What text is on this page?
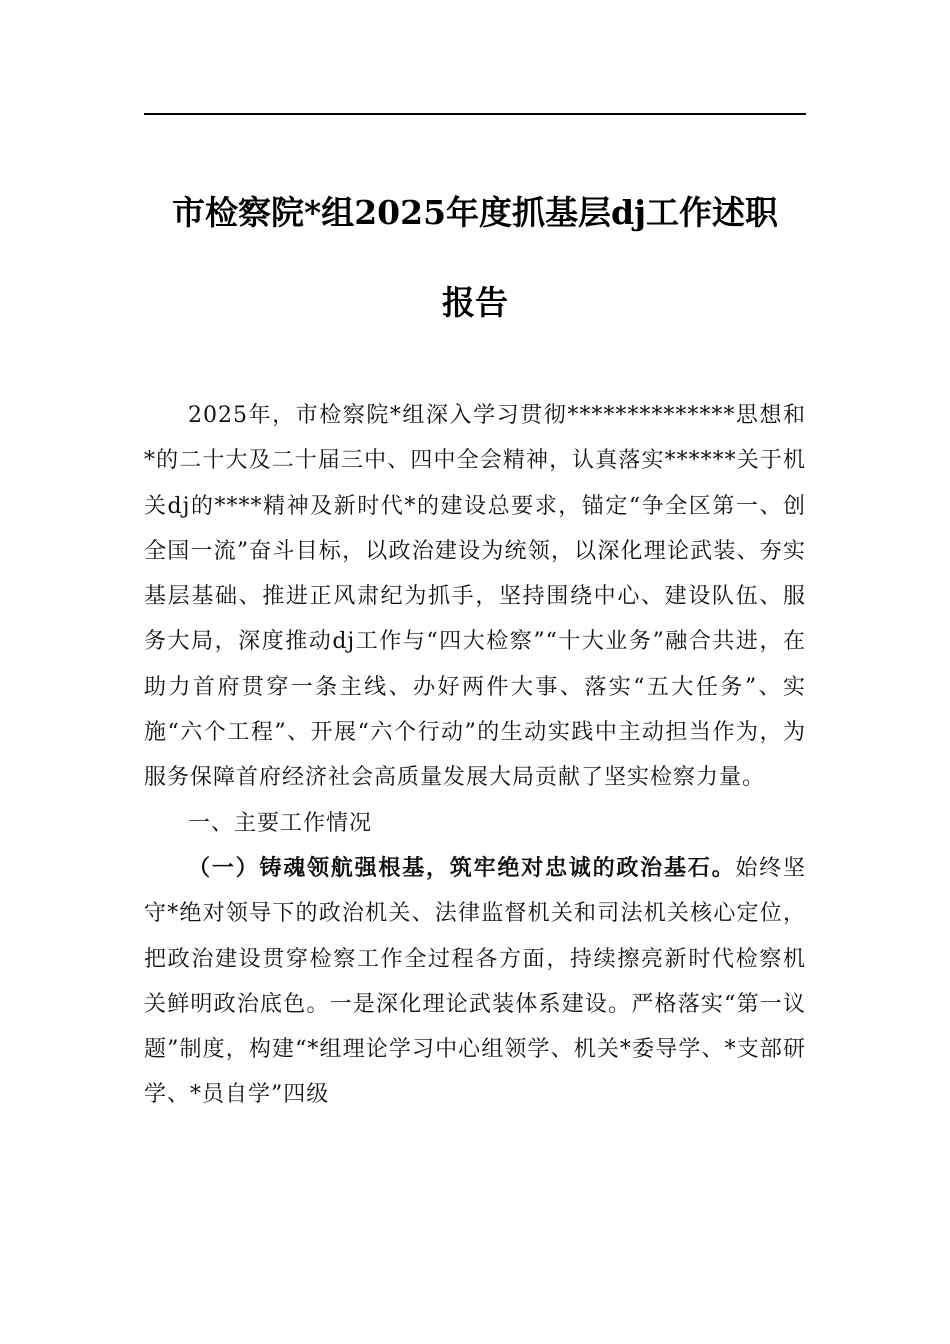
市检察院*组2025年度抓基层dj工作述职
报告

2025年，市检察院*组深入学习贯彻**************思想和*的二十大及二十届三中、四中全会精神，认真落实******关于机关dj的****精神及新时代*的建设总要求，锚定“争全区第一、创全国一流”奋斗目标，以政治建设为统领，以深化理论武装、夯实基层基础、推进正风肃纪为抓手，坚持围绕中心、建设队伍、服务大局，深度推动dj工作与“四大检察”“十大业务”融合共进，在助力首府贯穿一条主线、办好两件大事、落实“五大任务”、实施“六个工程”、开展“六个行动”的生动实践中主动担当作为，为服务保障首府经济社会高质量发展大局贡献了坚实检察力量。

一、主要工作情况

（一）铸魂领航强根基，筑牢绝对忠诚的政治基石。始终坚守*绝对领导下的政治机关、法律监督机关和司法机关核心定位，把政治建设贯穿检察工作全过程各方面，持续擦亮新时代检察机关鲜明政治底色。一是深化理论武装体系建设。严格落实“第一议题”制度，构建“*组理论学习中心组领学、机关*委导学、*支部研学、*员自学”四级
